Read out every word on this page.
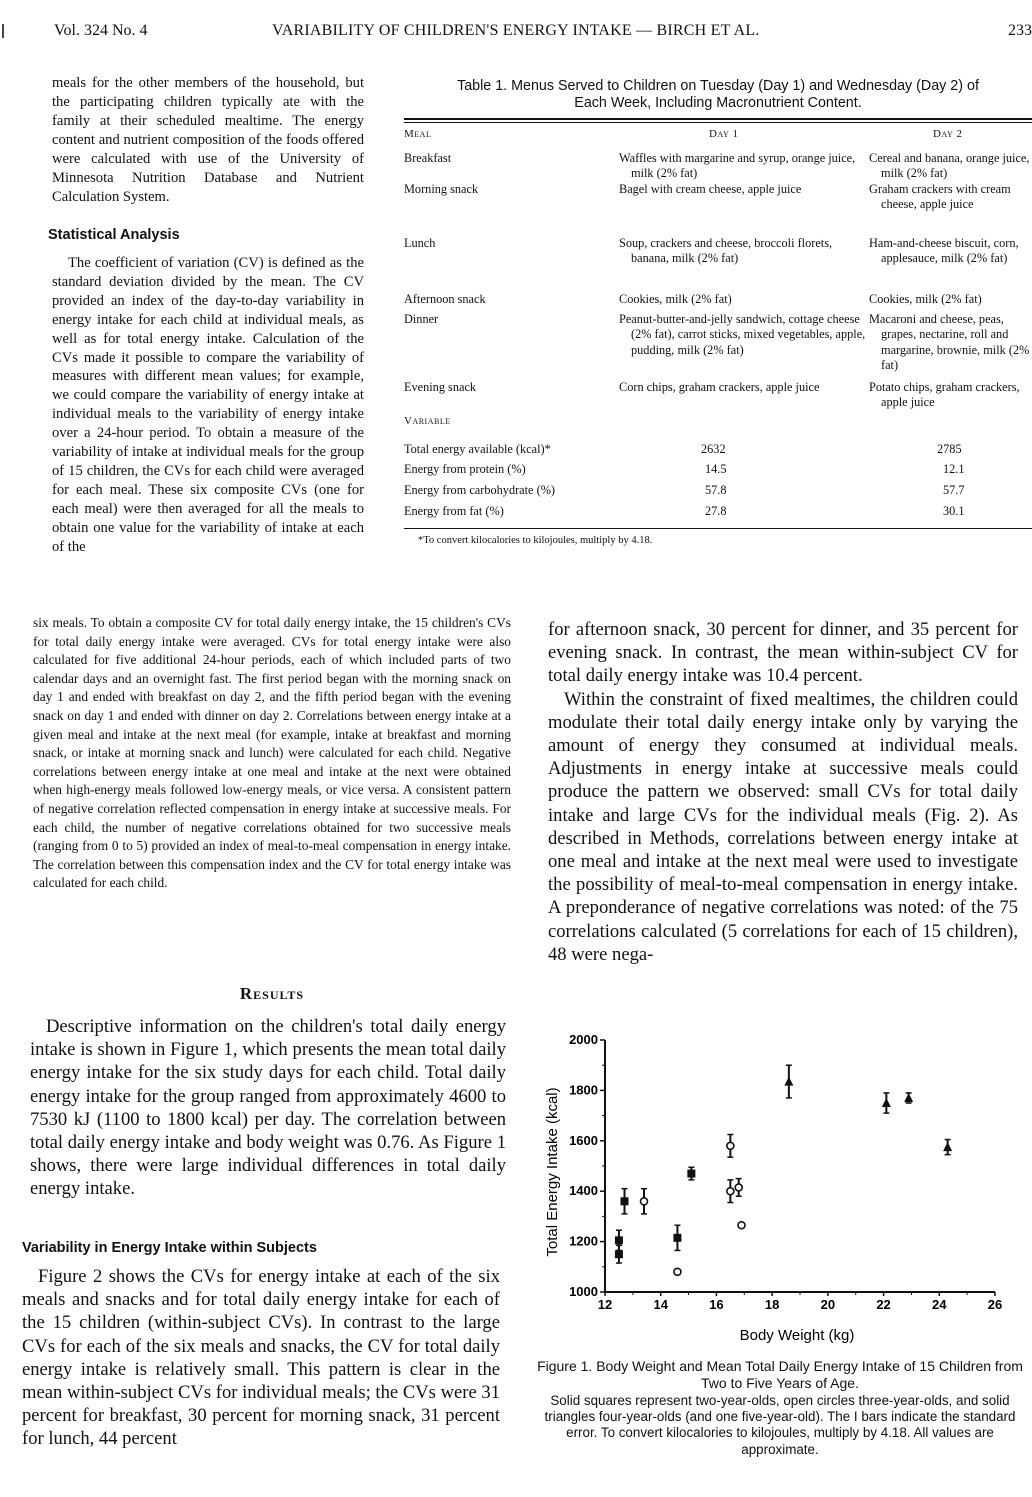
Vol. 324 No. 4	VARIABILITY OF CHILDREN'S ENERGY INTAKE — BIRCH ET AL.	233

meals for the other members of the household, but the participating children typically ate with the family at their scheduled mealtime. The energy content and nutrient composition of the foods offered were calculated with use of the University of Minnesota Nutrition Database and Nutrient Calculation System.

Statistical Analysis

The coefficient of variation (CV) is defined as the standard deviation divided by the mean. The CV provided an index of the day-to-day variability in energy intake for each child at individual meals, as well as for total energy intake. Calculation of the CVs made it possible to compare the variability of measures with different mean values; for example, we could compare the variability of energy intake at individual meals to the variability of energy intake over a 24-hour period. To obtain a measure of the variability of intake at individual meals for the group of 15 children, the CVs for each child were averaged for each meal. These six composite CVs (one for each meal) were then averaged for all the meals to obtain one value for the variability of intake at each of the

six meals. To obtain a composite CV for total daily energy intake, the 15 children's CVs for total daily energy intake were averaged. CVs for total energy intake were also calculated for five additional 24-hour periods, each of which included parts of two calendar days and an overnight fast. The first period began with the morning snack on day 1 and ended with breakfast on day 2, and the fifth period began with the evening snack on day 1 and ended with dinner on day 2. Correlations between energy intake at a given meal and intake at the next meal (for example, intake at breakfast and morning snack, or intake at morning snack and lunch) were calculated for each child. Negative correlations between energy intake at one meal and intake at the next were obtained when high-energy meals followed low-energy meals, or vice versa. A consistent pattern of negative correlation reflected compensation in energy intake at successive meals. For each child, the number of negative correlations obtained for two successive meals (ranging from 0 to 5) provided an index of meal-to-meal compensation in energy intake. The correlation between this compensation index and the CV for total energy intake was calculated for each child.

Results

Descriptive information on the children's total daily energy intake is shown in Figure 1, which presents the mean total daily energy intake for the six study days for each child. Total daily energy intake for the group ranged from approximately 4600 to 7530 kJ (1100 to 1800 kcal) per day. The correlation between total daily energy intake and body weight was 0.76. As Figure 1 shows, there were large individual differences in total daily energy intake.

Variability in Energy Intake within Subjects

Figure 2 shows the CVs for energy intake at each of the six meals and snacks and for total daily energy intake for each of the 15 children (within-subject CVs). In contrast to the large CVs for each of the six meals and snacks, the CV for total daily energy intake is relatively small. This pattern is clear in the mean within-subject CVs for individual meals; the CVs were 31 percent for breakfast, 30 percent for morning snack, 31 percent for lunch, 44 percent

Table 1. Menus Served to Children on Tuesday (Day 1) and Wednesday (Day 2) of
Each Week, Including Macronutrient Content.
Meal	Day 1	Day 2
Breakfast	Waffles with margarine and syrup, orange juice, milk (2% fat)	Cereal and banana, orange juice, milk (2% fat)
Morning snack	Bagel with cream cheese, apple juice	Graham crackers with cream cheese, apple juice
Lunch	Soup, crackers and cheese, broccoli florets, banana, milk (2% fat)	Ham-and-cheese biscuit, corn, applesauce, milk (2% fat)
Afternoon snack	Cookies, milk (2% fat)	Cookies, milk (2% fat)
Dinner	Peanut-butter-and-jelly sandwich, cottage cheese (2% fat), carrot sticks, mixed vegetables, apple, pudding, milk (2% fat)	Macaroni and cheese, peas, grapes, nectarine, roll and margarine, brownie, milk (2% fat)
Evening snack	Corn chips, graham crackers, apple juice	Potato chips, graham crackers, apple juice
Variable		
Total energy available (kcal)*	2632	2785
Energy from protein (%)	14.5	12.1
Energy from carbohydrate (%)	57.8	57.7
Energy from fat (%)	27.8	30.1
*To convert kilocalories to kilojoules, multiply by 4.18.

for afternoon snack, 30 percent for dinner, and 35 percent for evening snack. In contrast, the mean within-subject CV for total daily energy intake was 10.4 percent.

Within the constraint of fixed mealtimes, the children could modulate their total daily energy intake only by varying the amount of energy they consumed at individual meals. Adjustments in energy intake at successive meals could produce the pattern we observed: small CVs for total daily intake and large CVs for the individual meals (Fig. 2). As described in Methods, correlations between energy intake at one meal and intake at the next meal were used to investigate the possibility of meal-to-meal compensation in energy intake. A preponderance of negative correlations was noted: of the 75 correlations calculated (5 correlations for each of 15 children), 48 were nega-

12	14	16	18	20	22	24	26
1000
1200
1400
1600
1800
2000
Body Weight (kg)
Total Energy Intake (kcal)
Figure 1. Body Weight and Mean Total Daily Energy Intake of 15 Children from Two to Five Years of Age.
Solid squares represent two-year-olds, open circles three-year-olds, and solid triangles four-year-olds (and one five-year-old). The I bars indicate the standard error. To convert kilocalories to kilojoules, multiply by 4.18. All values are approximate.
